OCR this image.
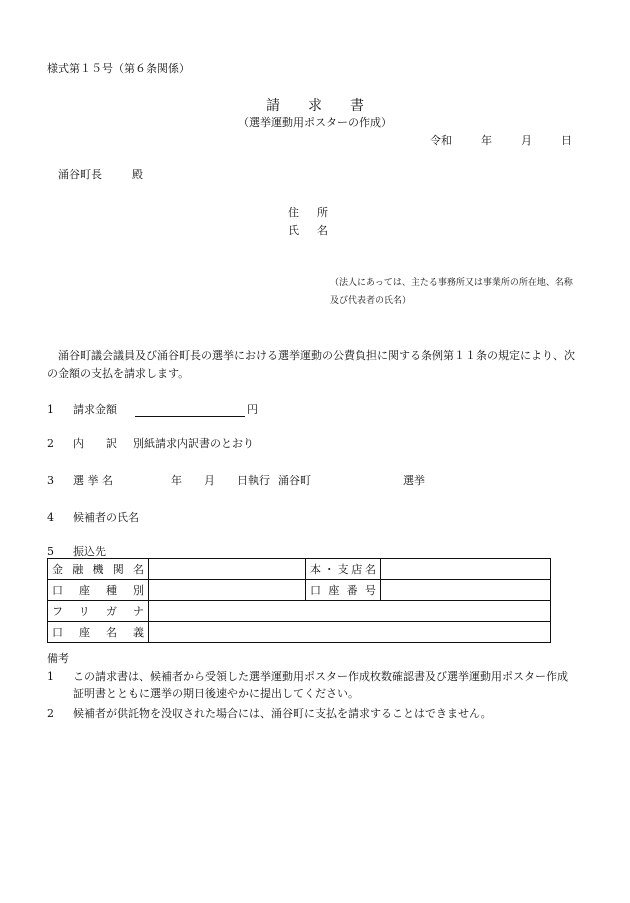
様式第１５号（第６条関係）
請求書
（選挙運動用ポスターの作成）
令和	年	月	日
涌谷町長	殿
住所
氏名
（法人にあっては、主たる事務所又は事業所の所在地、名称及び代表者の氏名）
涌谷町議会議員及び涌谷町長の選挙における選挙運動の公費負担に関する条例第１１条の規定により、次の金額の支払を請求します。
1 請求金額	円
2 内　　訳 別紙請求内訳書のとおり
3 選 挙 名	年 月 日執行 涌谷町	選挙
4 候補者の氏名
5 振込先
金融機関名		本・支店名	
口座種別		口座番号	
フリガナ			
口座名義			
備考
1 この請求書は、候補者から受領した選挙運動用ポスター作成枚数確認書及び選挙運動用ポスター作成証明書とともに選挙の期日後速やかに提出してください。
2 候補者が供託物を没収された場合には、涌谷町に支払を請求することはできません。
